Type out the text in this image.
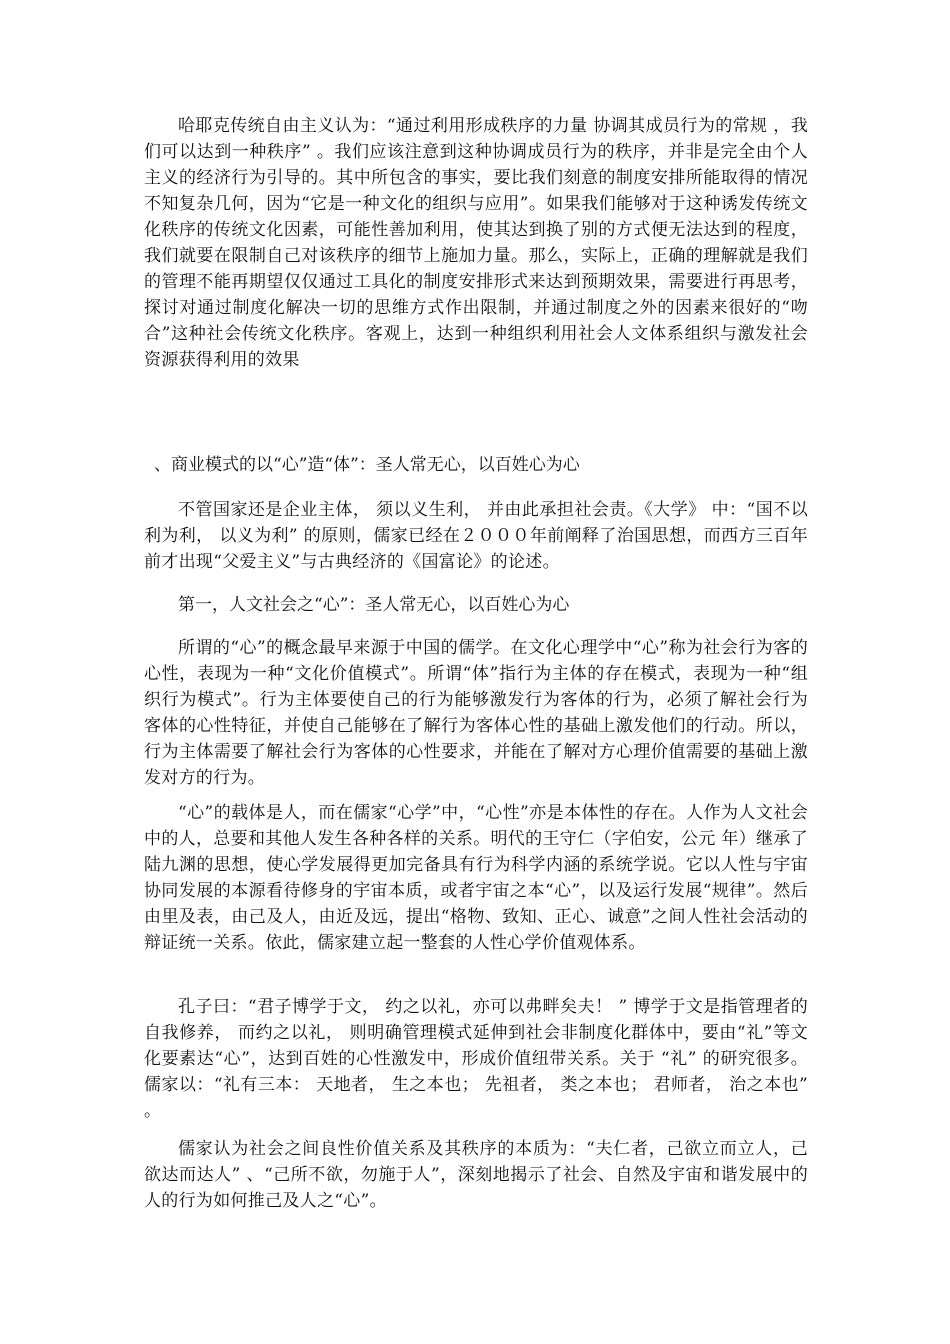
哈耶克传统自由主义认为：“通过利用形成秩序的力量 协调其成员行为的常规 ，我们可以达到一种秩序” 。我们应该注意到这种协调成员行为的秩序，并非是完全由个人主义的经济行为引导的。其中所包含的事实，要比我们刻意的制度安排所能取得的情况不知复杂几何，因为“它是一种文化的组织与应用”。如果我们能够对于这种诱发传统文化秩序的传统文化因素，可能性善加利用，使其达到换了别的方式便无法达到的程度，我们就要在限制自己对该秩序的细节上施加力量。那么，实际上，正确的理解就是我们的管理不能再期望仅仅通过工具化的制度安排形式来达到预期效果，需要进行再思考，探讨对通过制度化解决一切的思维方式作出限制，并通过制度之外的因素来很好的“吻合”这种社会传统文化秩序。客观上，达到一种组织利用社会人文体系组织与激发社会资源获得利用的效果

、商业模式的以“心”造“体”：圣人常无心，以百姓心为心

不管国家还是企业主体， 须以义生利， 并由此承担社会责。《大学》 中：“国不以利为利， 以义为利” 的原则，儒家已经在２０００年前阐释了治国思想，而西方三百年前才出现“父爱主义”与古典经济的《国富论》的论述。

第一，人文社会之“心”：圣人常无心，以百姓心为心

所谓的“心”的概念最早来源于中国的儒学。在文化心理学中“心”称为社会行为客的心性，表现为一种“文化价值模式”。所谓“体”指行为主体的存在模式，表现为一种“组织行为模式”。行为主体要使自己的行为能够激发行为客体的行为，必须了解社会行为客体的心性特征，并使自己能够在了解行为客体心性的基础上激发他们的行动。所以，行为主体需要了解社会行为客体的心性要求，并能在了解对方心理价值需要的基础上激发对方的行为。

“心”的载体是人，而在儒家“心学”中，“心性”亦是本体性的存在。人作为人文社会中的人，总要和其他人发生各种各样的关系。明代的王守仁（字伯安，公元 年）继承了陆九渊的思想，使心学发展得更加完备具有行为科学内涵的系统学说。它以人性与宇宙协同发展的本源看待修身的宇宙本质，或者宇宙之本“心”，以及运行发展“规律”。然后由里及表，由己及人，由近及远，提出“格物、致知、正心、诚意”之间人性社会活动的辩证统一关系。依此，儒家建立起一整套的人性心学价值观体系。

孔子曰：“君子博学于文， 约之以礼，亦可以弗畔矣夫！ ” 博学于文是指管理者的自我修养， 而约之以礼， 则明确管理模式延伸到社会非制度化群体中，要由“礼”等文化要素达“心”，达到百姓的心性激发中，形成价值纽带关系。关于 “礼” 的研究很多。儒家以：“礼有三本： 天地者， 生之本也； 先祖者， 类之本也； 君师者， 治之本也” 。

儒家认为社会之间良性价值关系及其秩序的本质为：“夫仁者，己欲立而立人，己欲达而达人” 、“己所不欲，勿施于人”，深刻地揭示了社会、自然及宇宙和谐发展中的人的行为如何推己及人之“心”。
